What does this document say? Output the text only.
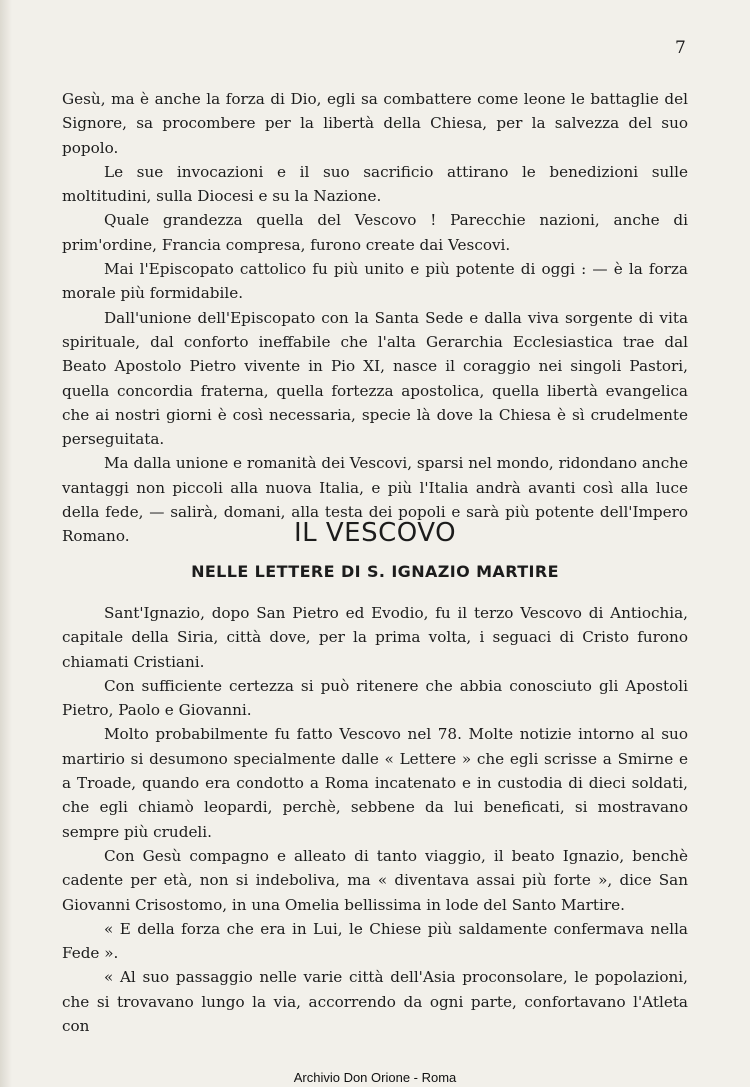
7

Gesù, ma è anche la forza di Dio, egli sa combattere come leone le battaglie del Signore, sa procombere per la libertà della Chiesa, per la salvezza del suo popolo.

Le sue invocazioni e il suo sacrificio attirano le benedizioni sulle moltitudini, sulla Diocesi e su la Nazione.

Quale grandezza quella del Vescovo ! Parecchie nazioni, anche di prim'ordine, Francia compresa, furono create dai Vescovi.

Mai l'Episcopato cattolico fu più unito e più potente di oggi : — è la forza morale più formidabile.

Dall'unione dell'Episcopato con la Santa Sede e dalla viva sorgente di vita spirituale, dal conforto ineffabile che l'alta Gerarchia Ecclesiastica trae dal Beato Apostolo Pietro vivente in Pio XI, nasce il coraggio nei singoli Pastori, quella concordia fraterna, quella fortezza apostolica, quella libertà evangelica che ai nostri giorni è così necessaria, specie là dove la Chiesa è sì crudelmente perseguitata.

Ma dalla unione e romanità dei Vescovi, sparsi nel mondo, ridondano anche vantaggi non piccoli alla nuova Italia, e più l'Italia andrà avanti così alla luce della fede, — salirà, domani, alla testa dei popoli e sarà più potente dell'Impero Romano.	IL VESCOVO
NELLE LETTERE DI S. IGNAZIO MARTIRE

Sant'Ignazio, dopo San Pietro ed Evodio, fu il terzo Vescovo di Antiochia, capitale della Siria, città dove, per la prima volta, i seguaci di Cristo furono chiamati Cristiani.

Con sufficiente certezza si può ritenere che abbia conosciuto gli Apostoli Pietro, Paolo e Giovanni.

Molto probabilmente fu fatto Vescovo nel 78. Molte notizie intorno al suo martirio si desumono specialmente dalle « Lettere » che egli scrisse a Smirne e a Troade, quando era condotto a Roma incatenato e in custodia di dieci soldati, che egli chiamò leopardi, perchè, sebbene da lui beneficati, si mostravano sempre più crudeli.

Con Gesù compagno e alleato di tanto viaggio, il beato Ignazio, benchè cadente per età, non si indeboliva, ma « diventava assai più forte », dice San Giovanni Crisostomo, in una Omelia bellissima in lode del Santo Martire.

« E della forza che era in Lui, le Chiese più saldamente confermava nella Fede ».

« Al suo passaggio nelle varie città dell'Asia proconsolare, le popolazioni, che si trovavano lungo la via, accorrendo da ogni parte, confortavano l'Atleta con

Archivio Don Orione - Roma
